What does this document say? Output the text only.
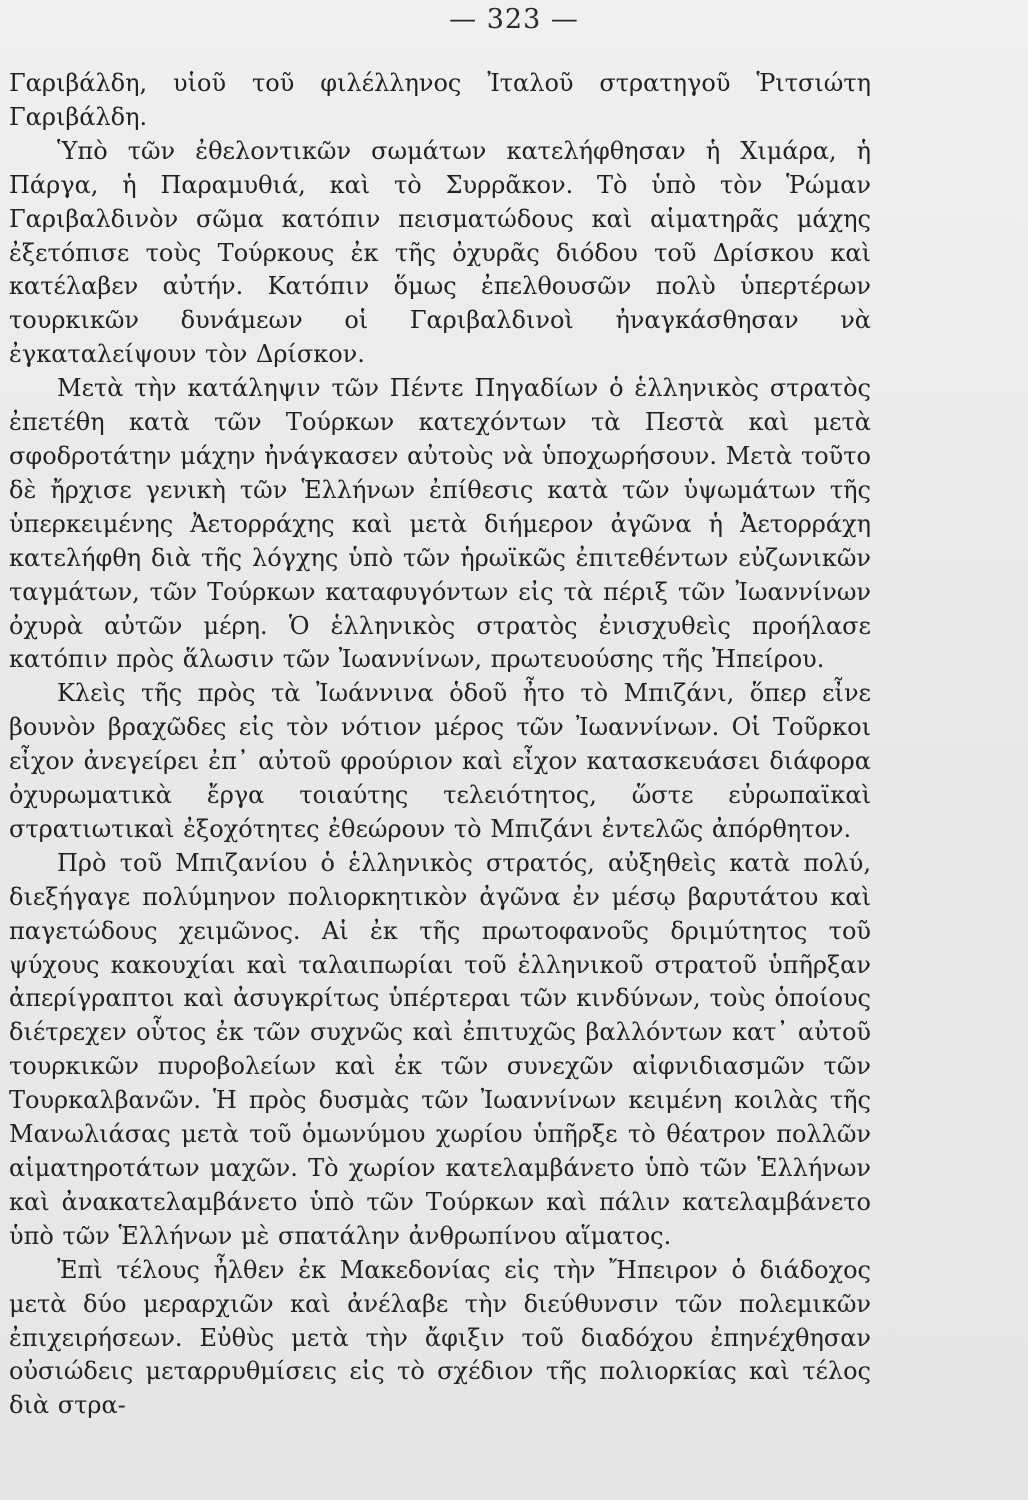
— 323 —

Γαριβάλδη, υἱοῦ τοῦ φιλέλληνος Ἰταλοῦ στρατηγοῦ Ῥιτσιώτη Γαριβάλδη.

Ὑπὸ τῶν ἐθελοντικῶν σωμάτων κατελήφθησαν ἡ Χιμάρα, ἡ Πάργα, ἡ Παραμυθιά, καὶ τὸ Συρρᾶκον. Τὸ ὑπὸ τὸν Ῥώμαν Γαριβαλδινὸν σῶμα κατόπιν πεισματώδους καὶ αἱματηρᾶς μάχης ἐξετόπισε τοὺς Τούρκους ἐκ τῆς ὀχυρᾶς διόδου τοῦ Δρίσκου καὶ κατέλαβεν αὐτήν. Κατόπιν ὅμως ἐπελθουσῶν πολὺ ὑπερτέρων τουρκικῶν δυνάμεων οἱ Γαριβαλδινοὶ ἠναγκάσθησαν νὰ ἐγκαταλείψουν τὸν Δρίσκον.

Μετὰ τὴν κατάληψιν τῶν Πέντε Πηγαδίων ὁ ἑλληνικὸς στρατὸς ἐπετέθη κατὰ τῶν Τούρκων κατεχόντων τὰ Πεστὰ καὶ μετὰ σφοδροτάτην μάχην ἠνάγκασεν αὐτοὺς νὰ ὑποχωρήσουν. Μετὰ τοῦτο δὲ ἤρχισε γενικὴ τῶν Ἑλλήνων ἐπίθεσις κατὰ τῶν ὑψωμάτων τῆς ὑπερκειμένης Ἀετορράχης καὶ μετὰ διήμερον ἀγῶνα ἡ Ἀετορράχη κατελήφθη διὰ τῆς λόγχης ὑπὸ τῶν ἡρωϊκῶς ἐπιτεθέντων εὐζωνικῶν ταγμάτων, τῶν Τούρκων καταφυγόντων εἰς τὰ πέριξ τῶν Ἰωαννίνων ὀχυρὰ αὐτῶν μέρη. Ὁ ἑλληνικὸς στρατὸς ἐνισχυθεὶς προήλασε κατόπιν πρὸς ἅλωσιν τῶν Ἰωαννίνων, πρωτευούσης τῆς Ἠπείρου.

Κλεὶς τῆς πρὸς τὰ Ἰωάννινα ὁδοῦ ἦτο τὸ Μπιζάνι, ὅπερ εἶνε βουνὸν βραχῶδες εἰς τὸν νότιον μέρος τῶν Ἰωαννίνων. Οἱ Τοῦρκοι εἶχον ἀνεγείρει ἐπ᾿ αὐτοῦ φρούριον καὶ εἶχον κατασκευάσει διάφορα ὀχυρωματικὰ ἔργα τοιαύτης τελειότητος, ὥστε εὐρωπαϊκαὶ στρατιωτικαὶ ἐξοχότητες ἐθεώρουν τὸ Μπιζάνι ἐντελῶς ἀπόρθητον.

Πρὸ τοῦ Μπιζανίου ὁ ἑλληνικὸς στρατός, αὐξηθεὶς κατὰ πολύ, διεξήγαγε πολύμηνον πολιορκητικὸν ἀγῶνα ἐν μέσῳ βαρυτάτου καὶ παγετώδους χειμῶνος. Αἱ ἐκ τῆς πρωτοφανοῦς δριμύτητος τοῦ ψύχους κακουχίαι καὶ ταλαιπωρίαι τοῦ ἑλληνικοῦ στρατοῦ ὑπῆρξαν ἀπερίγραπτοι καὶ ἀσυγκρίτως ὑπέρτεραι τῶν κινδύνων, τοὺς ὁποίους διέτρεχεν οὗτος ἐκ τῶν συχνῶς καὶ ἐπιτυχῶς βαλλόντων κατ᾿ αὐτοῦ τουρκικῶν πυροβολείων καὶ ἐκ τῶν συνεχῶν αἰφνιδιασμῶν τῶν Τουρκαλβανῶν. Ἡ πρὸς δυσμὰς τῶν Ἰωαννίνων κειμένη κοιλὰς τῆς Μανωλιάσας μετὰ τοῦ ὁμωνύμου χωρίου ὑπῆρξε τὸ θέατρον πολλῶν αἱματηροτάτων μαχῶν. Τὸ χωρίον κατελαμβάνετο ὑπὸ τῶν Ἑλλήνων καὶ ἀνακατελαμβάνετο ὑπὸ τῶν Τούρκων καὶ πάλιν κατελαμβάνετο ὑπὸ τῶν Ἑλλήνων μὲ σπατάλην ἀνθρωπίνου αἵματος.

Ἐπὶ τέλους ἦλθεν ἐκ Μακεδονίας εἰς τὴν Ἤπειρον ὁ διάδοχος μετὰ δύο μεραρχιῶν καὶ ἀνέλαβε τὴν διεύθυνσιν τῶν πολεμικῶν ἐπιχειρήσεων. Εὐθὺς μετὰ τὴν ἄφιξιν τοῦ διαδόχου ἐπηνέχθησαν οὐσιώδεις μεταρρυθμίσεις εἰς τὸ σχέδιον τῆς πολιορκίας καὶ τέλος διὰ στρα-
